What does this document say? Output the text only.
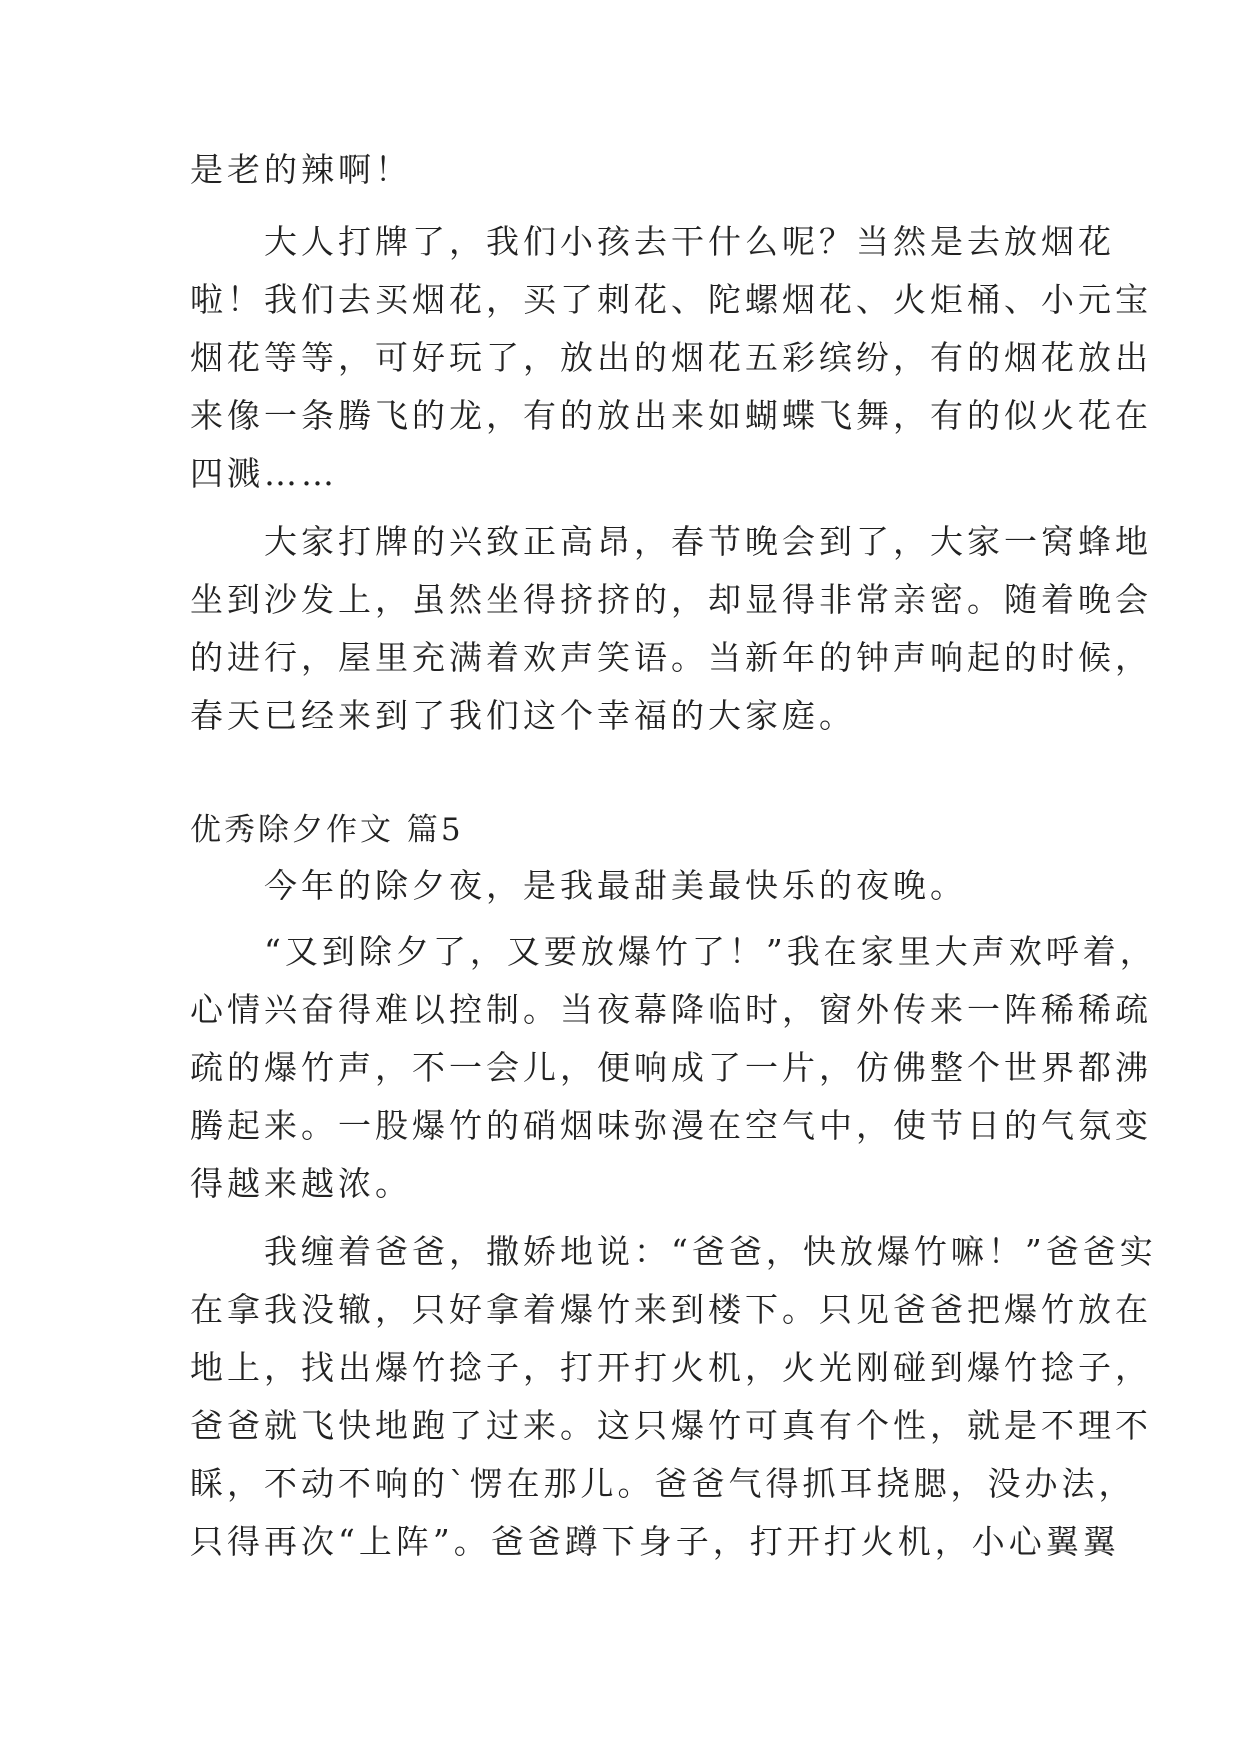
是老的辣啊！
　　大人打牌了，我们小孩去干什么呢？当然是去放烟花
啦！我们去买烟花，买了刺花、陀螺烟花、火炬桶、小元宝
烟花等等，可好玩了，放出的烟花五彩缤纷，有的烟花放出
来像一条腾飞的龙，有的放出来如蝴蝶飞舞，有的似火花在
四溅……
　　大家打牌的兴致正高昂，春节晚会到了，大家一窝蜂地
坐到沙发上，虽然坐得挤挤的，却显得非常亲密。随着晚会
的进行，屋里充满着欢声笑语。当新年的钟声响起的时候，
春天已经来到了我们这个幸福的大家庭。
优秀除夕作文 篇5
　　今年的除夕夜，是我最甜美最快乐的夜晚。
　　“又到除夕了，又要放爆竹了！”我在家里大声欢呼着，
心情兴奋得难以控制。当夜幕降临时，窗外传来一阵稀稀疏
疏的爆竹声，不一会儿，便响成了一片，仿佛整个世界都沸
腾起来。一股爆竹的硝烟味弥漫在空气中，使节日的气氛变
得越来越浓。
　　我缠着爸爸，撒娇地说：“爸爸，快放爆竹嘛！”爸爸实
在拿我没辙，只好拿着爆竹来到楼下。只见爸爸把爆竹放在
地上，找出爆竹捻子，打开打火机，火光刚碰到爆竹捻子，
爸爸就飞快地跑了过来。这只爆竹可真有个性，就是不理不
睬，不动不响的`愣在那儿。爸爸气得抓耳挠腮，没办法，
只得再次“上阵”。爸爸蹲下身子，打开打火机，小心翼翼
